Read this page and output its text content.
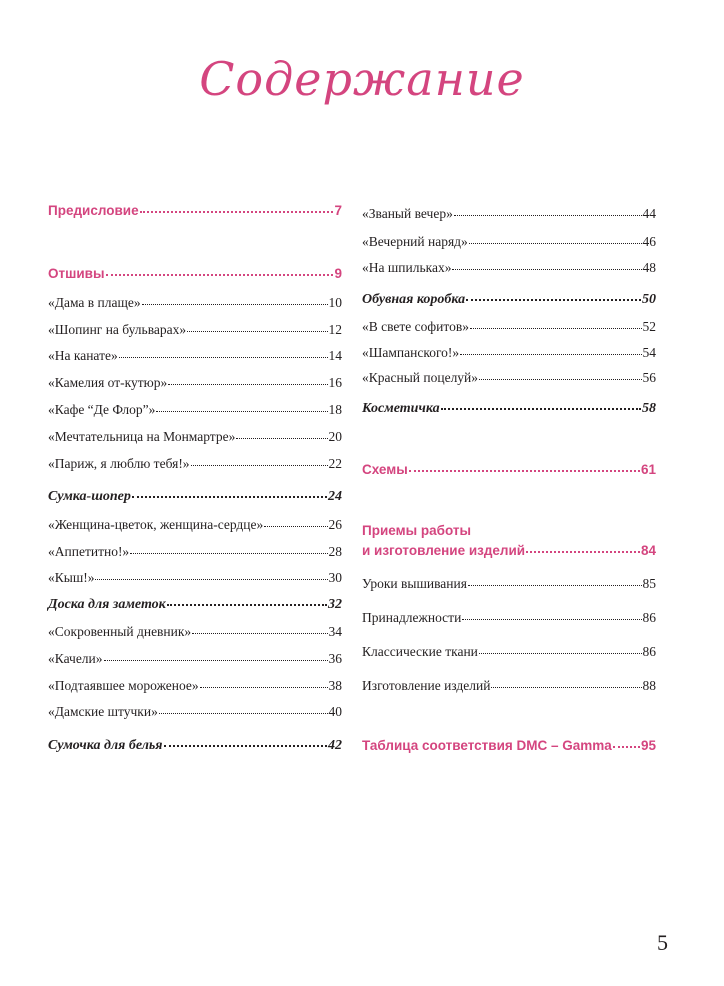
Содержание
Предисловие	7
Отшивы	9
«Дама в плаще»	10
«Шопинг на бульварах»	12
«На канате»	14
«Камелия от-кутюр»	16
«Кафе “Де Флор”»	18
«Мечтательница на Монмартре»	20
«Париж, я люблю тебя!»	22
Сумка-шопер	24
«Женщина-цветок, женщина-сердце»	26
«Аппетитно!»	28
«Кыш!»	30
Доска для заметок	32
«Сокровенный дневник»	34
«Качели»	36
«Подтаявшее мороженое»	38
«Дамские штучки»	40
Сумочка для белья	42
«Званый вечер»	44
«Вечерний наряд»	46
«На шпильках»	48
Обувная коробка	50
«В свете софитов»	52
«Шампанского!»	54
«Красный поцелуй»	56
Косметичка	58
Схемы	61
Приемы работы
и изготовление изделий	84
Уроки вышивания	85
Принадлежности	86
Классические ткани	86
Изготовление изделий	88
Таблица соответствия DMC – Gamma 95
5
